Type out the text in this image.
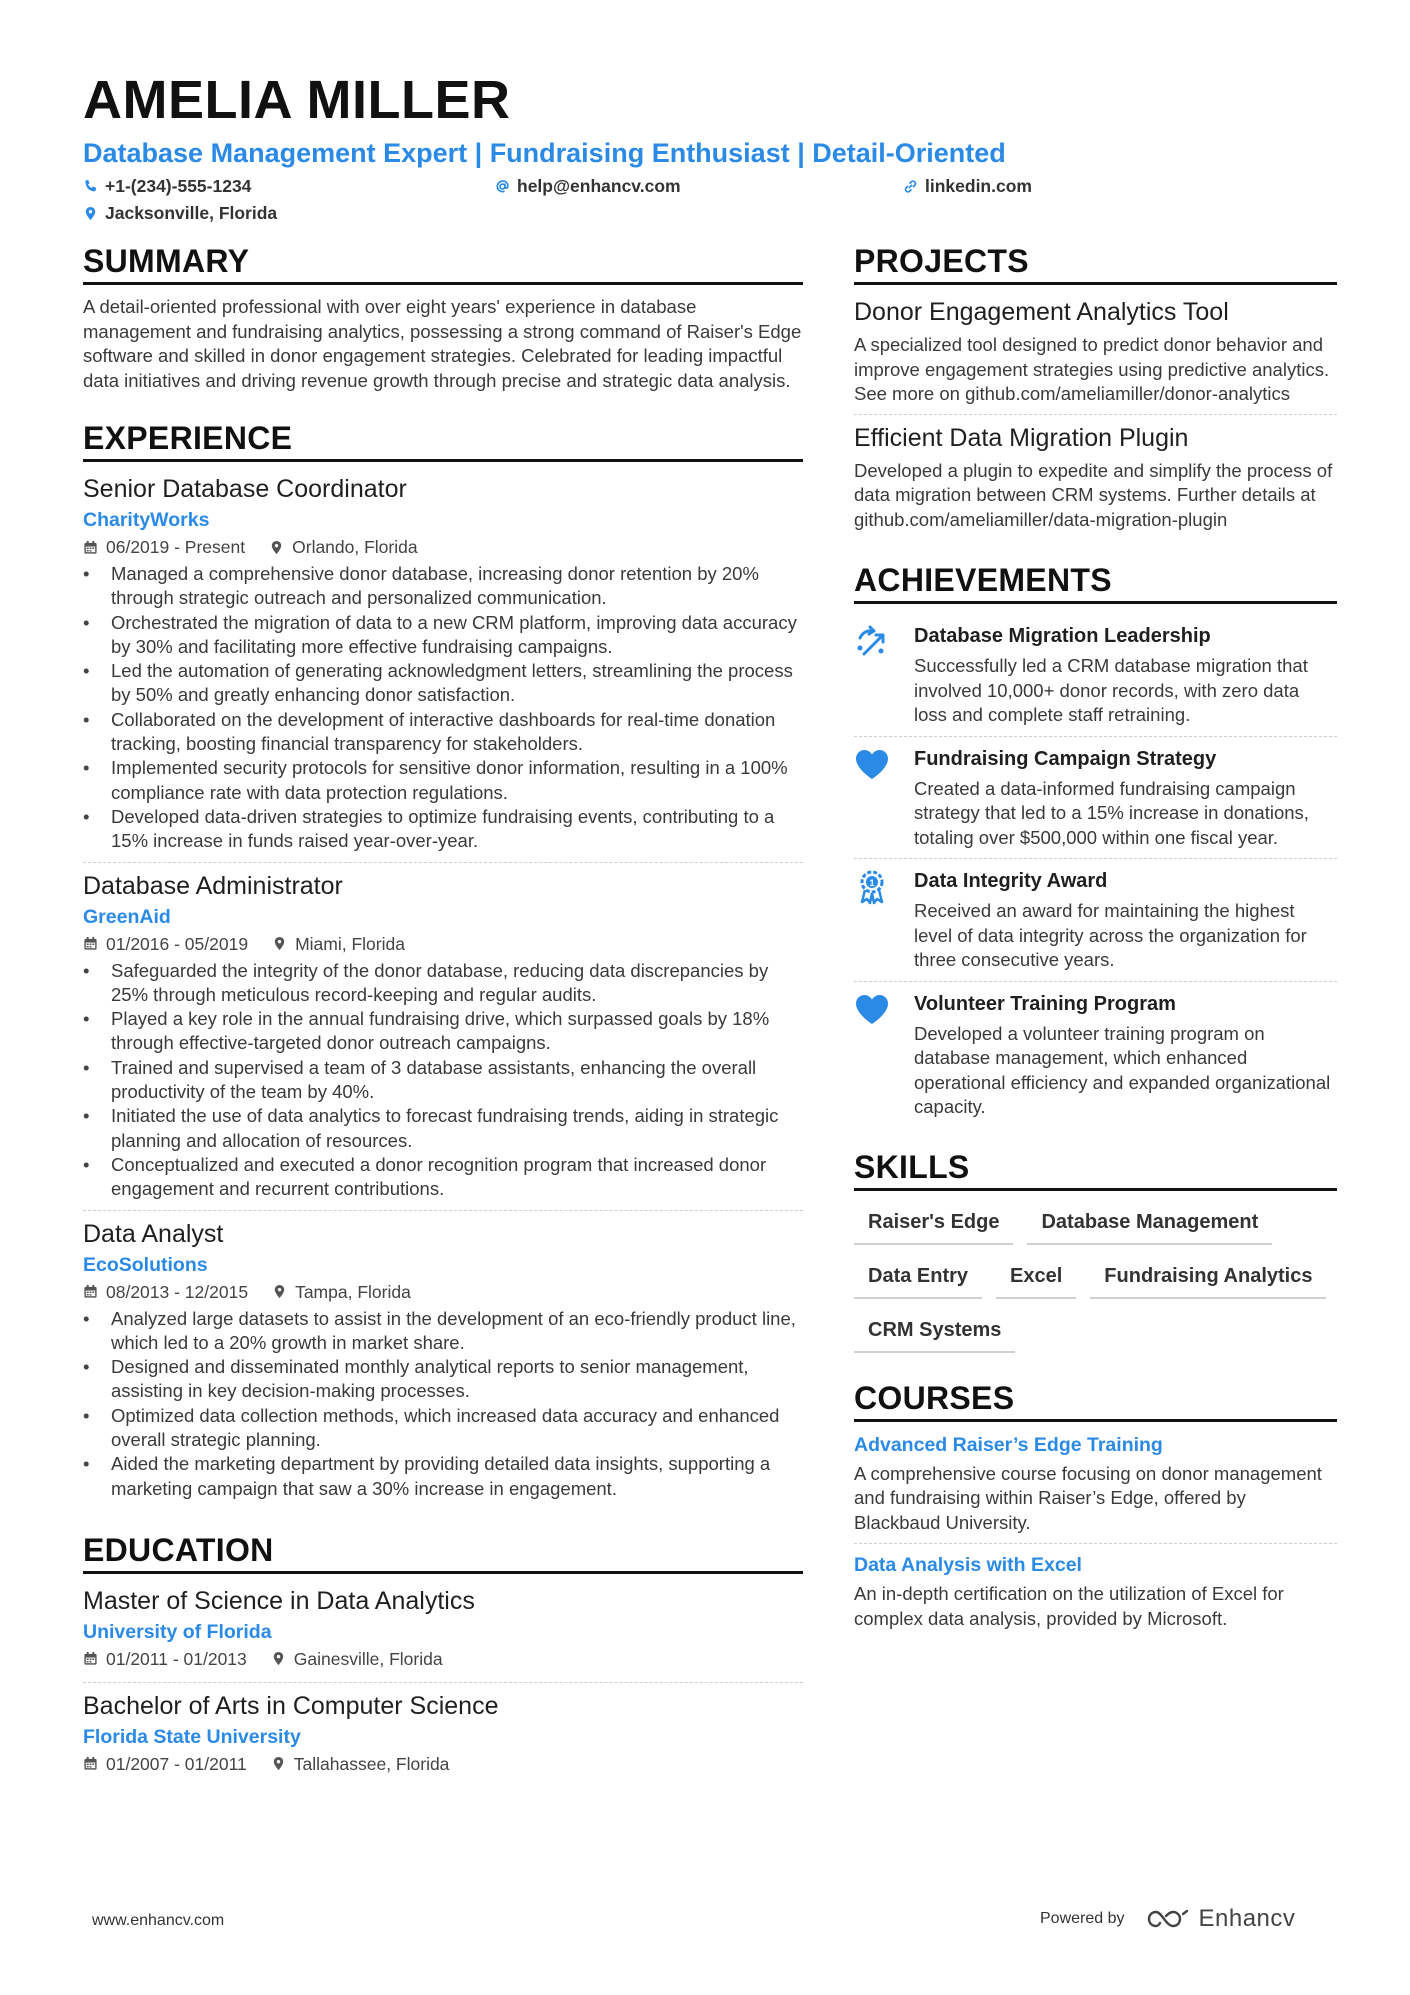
AMELIA MILLER
Database Management Expert | Fundraising Enthusiast | Detail-Oriented
+1-(234)-555-1234	help@enhancv.com	linkedin.com
Jacksonville, Florida
SUMMARY

A detail-oriented professional with over eight years' experience in database management and fundraising analytics, possessing a strong command of Raiser's Edge software and skilled in donor engagement strategies. Celebrated for leading impactful data initiatives and driving revenue growth through precise and strategic data analysis.

EXPERIENCE

Senior Database Coordinator

CharityWorks

06/2019 - Present	Orlando, Florida
• Managed a comprehensive donor database, increasing donor retention by 20% through strategic outreach and personalized communication.
• Orchestrated the migration of data to a new CRM platform, improving data accuracy by 30% and facilitating more effective fundraising campaigns.
• Led the automation of generating acknowledgment letters, streamlining the process by 50% and greatly enhancing donor satisfaction.
• Collaborated on the development of interactive dashboards for real-time donation tracking, boosting financial transparency for stakeholders.
• Implemented security protocols for sensitive donor information, resulting in a 100% compliance rate with data protection regulations.
• Developed data-driven strategies to optimize fundraising events, contributing to a 15% increase in funds raised year-over-year.

Database Administrator

GreenAid

01/2016 - 05/2019	Miami, Florida
• Safeguarded the integrity of the donor database, reducing data discrepancies by 25% through meticulous record-keeping and regular audits.
• Played a key role in the annual fundraising drive, which surpassed goals by 18% through effective-targeted donor outreach campaigns.
• Trained and supervised a team of 3 database assistants, enhancing the overall productivity of the team by 40%.
• Initiated the use of data analytics to forecast fundraising trends, aiding in strategic planning and allocation of resources.
• Conceptualized and executed a donor recognition program that increased donor engagement and recurrent contributions.

Data Analyst

EcoSolutions

08/2013 - 12/2015	Tampa, Florida
• Analyzed large datasets to assist in the development of an eco-friendly product line, which led to a 20% growth in market share.
• Designed and disseminated monthly analytical reports to senior management, assisting in key decision-making processes.
• Optimized data collection methods, which increased data accuracy and enhanced overall strategic planning.
• Aided the marketing department by providing detailed data insights, supporting a marketing campaign that saw a 30% increase in engagement.
EDUCATION

Master of Science in Data Analytics

University of Florida

01/2011 - 01/2013	Gainesville, Florida

Bachelor of Arts in Computer Science

Florida State University

01/2007 - 01/2011	Tallahassee, Florida
PROJECTS

Donor Engagement Analytics Tool

A specialized tool designed to predict donor behavior and improve engagement strategies using predictive analytics. See more on github.com/ameliamiller/donor-analytics

Efficient Data Migration Plugin

Developed a plugin to expedite and simplify the process of data migration between CRM systems. Further details at github.com/ameliamiller/data-migration-plugin

ACHIEVEMENTS

Database Migration Leadership

Successfully led a CRM database migration that involved 10,000+ donor records, with zero data loss and complete staff retraining.

Fundraising Campaign Strategy

Created a data-informed fundraising campaign strategy that led to a 15% increase in donations, totaling over $500,000 within one fiscal year.

1 Data Integrity Award

Received an award for maintaining the highest level of data integrity across the organization for three consecutive years.

Volunteer Training Program

Developed a volunteer training program on database management, which enhanced operational efficiency and expanded organizational capacity.

SKILLS
Raiser's Edge	Database Management
Data Entry	Excel	Fundraising Analytics
CRM Systems
COURSES

Advanced Raiser’s Edge Training

A comprehensive course focusing on donor management and fundraising within Raiser’s Edge, offered by Blackbaud University.

Data Analysis with Excel

An in-depth certification on the utilization of Excel for complex data analysis, provided by Microsoft.

www.enhancv.com	Powered by	Enhancv
